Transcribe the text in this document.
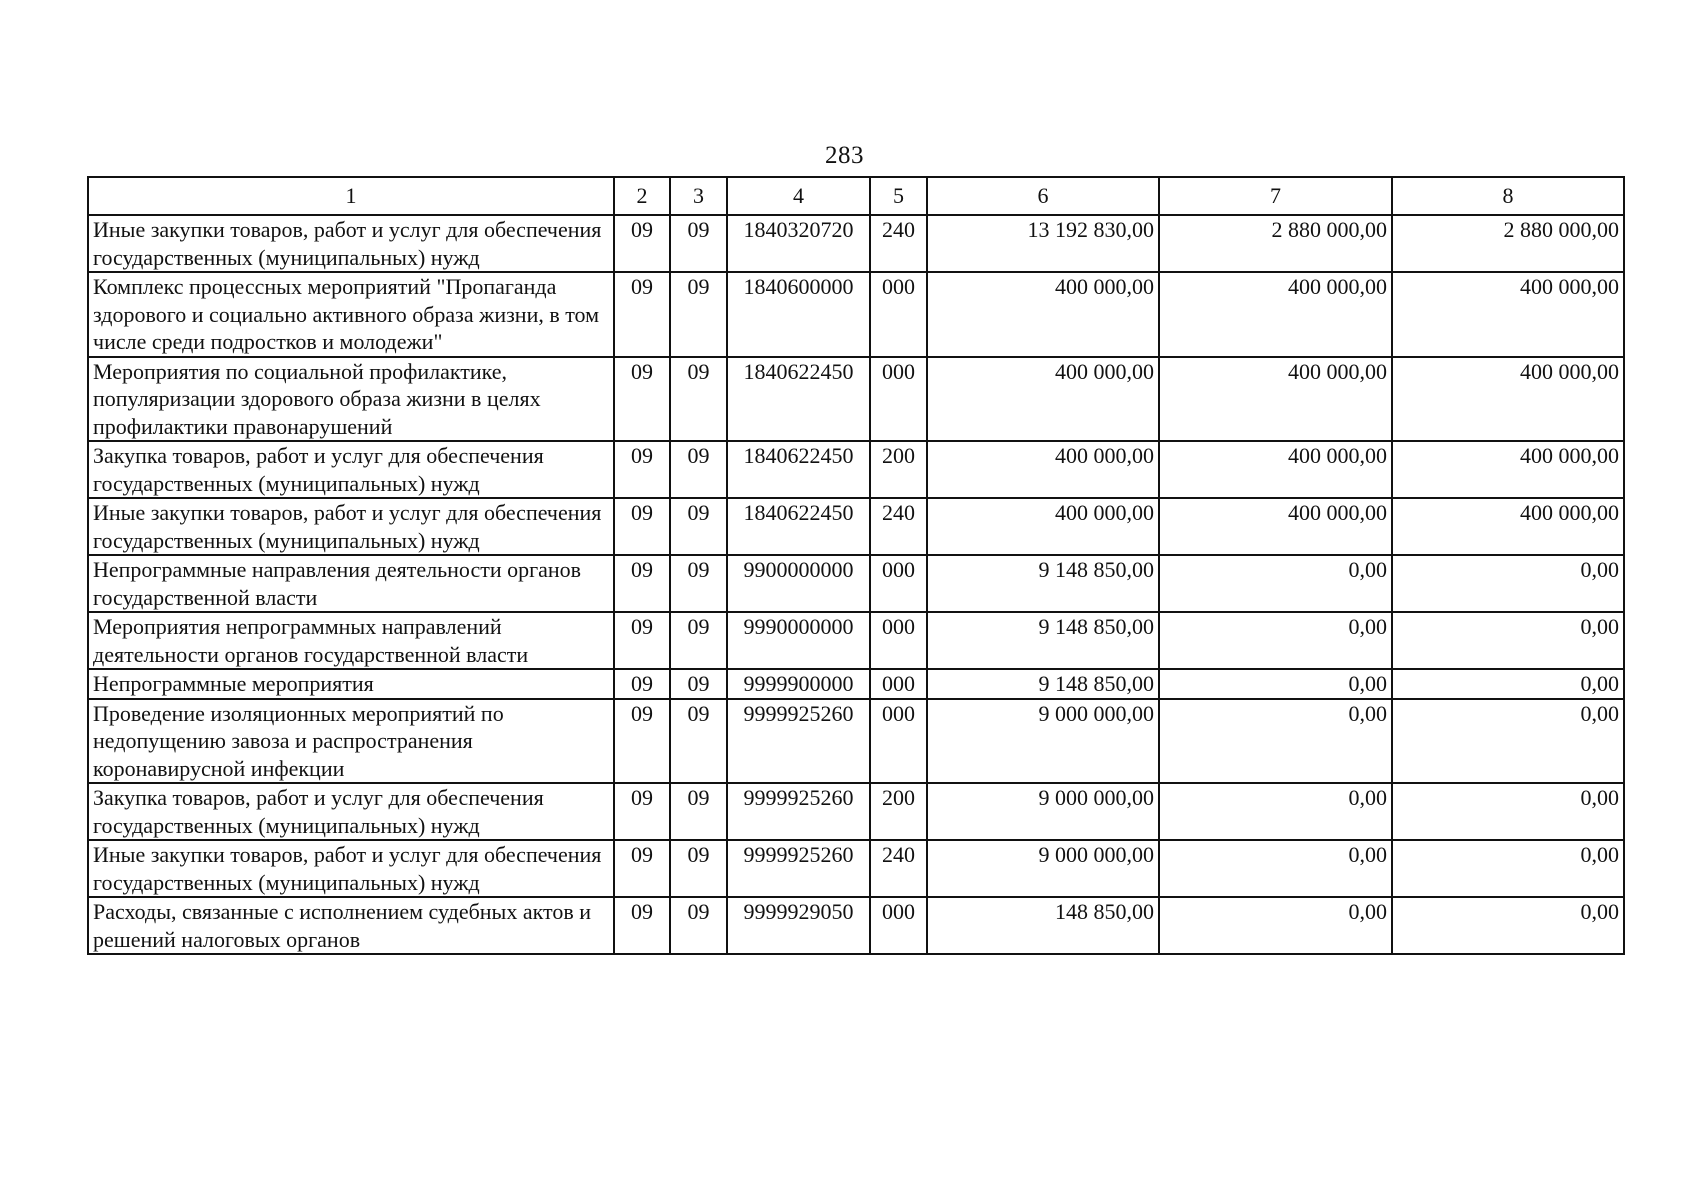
283
1	2	3	4	5	6	7	8
Иные закупки товаров, работ и услуг для обеспечения государственных (муниципальных) нужд	09	09	1840320720	240	13 192 830,00	2 880 000,00	2 880 000,00
Комплекс процессных мероприятий "Пропаганда здорового и социально активного образа жизни, в том числе среди подростков и молодежи"	09	09	1840600000	000	400 000,00	400 000,00	400 000,00
Мероприятия по социальной профилактике, популяризации здорового образа жизни в целях профилактики правонарушений	09	09	1840622450	000	400 000,00	400 000,00	400 000,00
Закупка товаров, работ и услуг для обеспечения государственных (муниципальных) нужд	09	09	1840622450	200	400 000,00	400 000,00	400 000,00
Иные закупки товаров, работ и услуг для обеспечения государственных (муниципальных) нужд	09	09	1840622450	240	400 000,00	400 000,00	400 000,00
Непрограммные направления деятельности органов государственной власти	09	09	9900000000	000	9 148 850,00	0,00	0,00
Мероприятия непрограммных направлений деятельности органов государственной власти	09	09	9990000000	000	9 148 850,00	0,00	0,00
Непрограммные мероприятия	09	09	9999900000	000	9 148 850,00	0,00	0,00
Проведение изоляционных мероприятий по недопущению завоза и распространения коронавирусной инфекции	09	09	9999925260	000	9 000 000,00	0,00	0,00
Закупка товаров, работ и услуг для обеспечения государственных (муниципальных) нужд	09	09	9999925260	200	9 000 000,00	0,00	0,00
Иные закупки товаров, работ и услуг для обеспечения государственных (муниципальных) нужд	09	09	9999925260	240	9 000 000,00	0,00	0,00
Расходы, связанные с исполнением судебных актов и решений налоговых органов	09	09	9999929050	000	148 850,00	0,00	0,00
